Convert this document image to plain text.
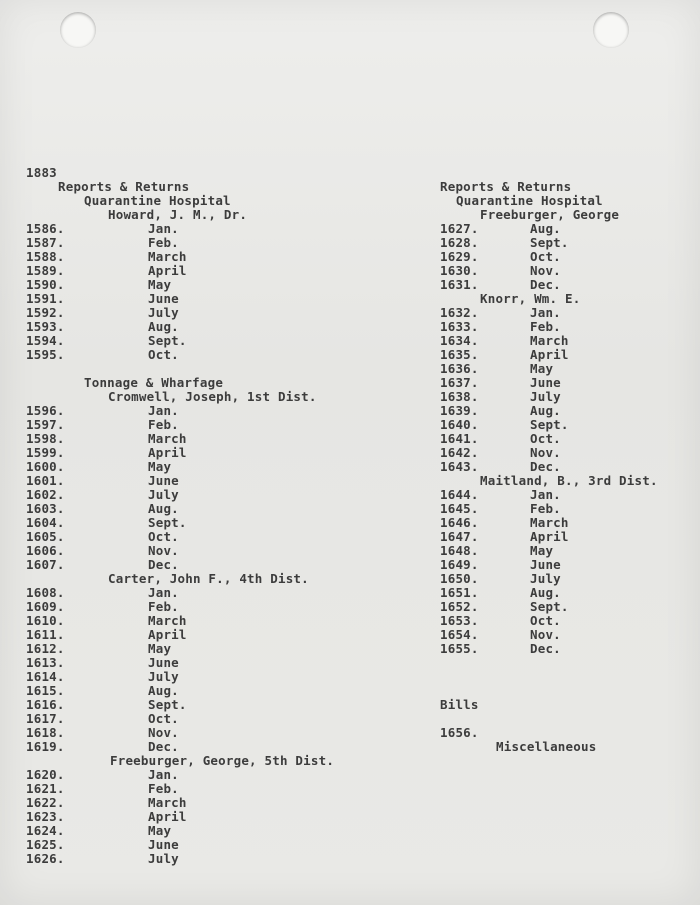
1883
Reports & Returns
Quarantine Hospital
Howard, J. M., Dr.
1586.	Jan.
1587.	Feb.
1588.	March
1589.	April
1590.	May
1591.	June
1592.	July
1593.	Aug.
1594.	Sept.
1595.	Oct.
Tonnage & Wharfage
Cromwell, Joseph, 1st Dist.
1596.	Jan.
1597.	Feb.
1598.	March
1599.	April
1600.	May
1601.	June
1602.	July
1603.	Aug.
1604.	Sept.
1605.	Oct.
1606.	Nov.
1607.	Dec.
Carter, John F., 4th Dist.
1608.	Jan.
1609.	Feb.
1610.	March
1611.	April
1612.	May
1613.	June
1614.	July
1615.	Aug.
1616.	Sept.
1617.	Oct.
1618.	Nov.
1619.	Dec.
Freeburger, George, 5th Dist.
1620.	Jan.
1621.	Feb.
1622.	March
1623.	April
1624.	May
1625.	June
1626.	July
Reports & Returns
Quarantine Hospital
Freeburger, George
1627.	Aug.
1628.	Sept.
1629.	Oct.
1630.	Nov.
1631.	Dec.
Knorr, Wm. E.
1632.	Jan.
1633.	Feb.
1634.	March
1635.	April
1636.	May
1637.	June
1638.	July
1639.	Aug.
1640.	Sept.
1641.	Oct.
1642.	Nov.
1643.	Dec.
Maitland, B., 3rd Dist.
1644.	Jan.
1645.	Feb.
1646.	March
1647.	April
1648.	May
1649.	June
1650.	July
1651.	Aug.
1652.	Sept.
1653.	Oct.
1654.	Nov.
1655.	Dec.
Bills

1656.

Miscellaneous
